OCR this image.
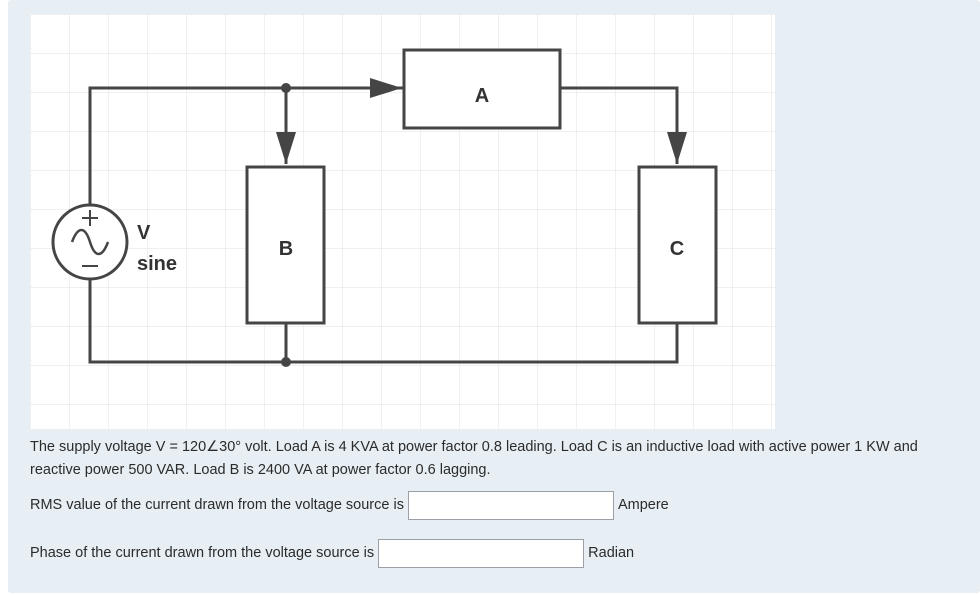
A
B	C
V
sine
The supply voltage V = 120∠30° volt. Load A is 4 KVA at power factor 0.8 leading. Load C is an inductive load with active power 1 KW and reactive power 500 VAR. Load B is 2400 VA at power factor 0.6 lagging.
RMS value of the current drawn from the voltage source is	Ampere
Phase of the current drawn from the voltage source is	Radian
